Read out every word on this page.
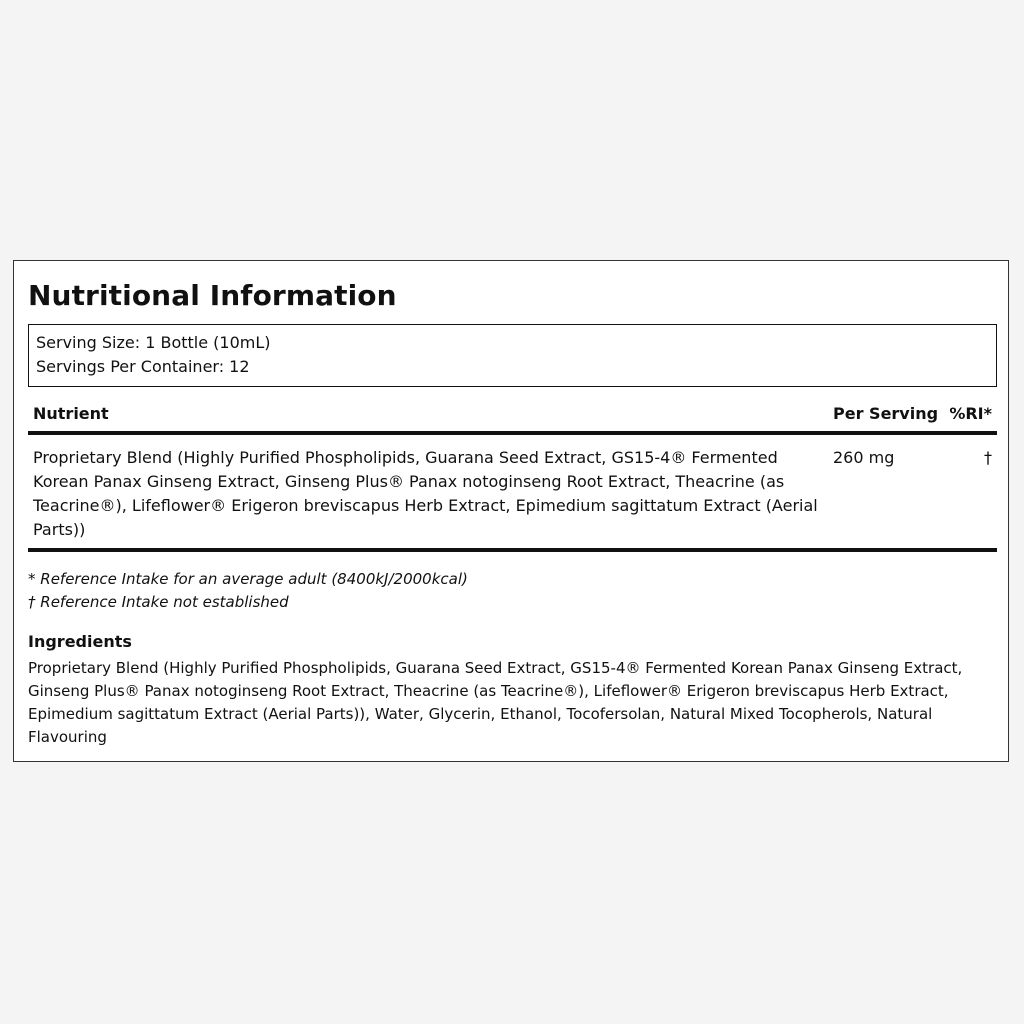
Nutritional Information
Serving Size: 1 Bottle (10mL)
Servings Per Container: 12
Nutrient	Per Serving	%RI*
Proprietary Blend (Highly Purified Phospholipids, Guarana Seed Extract, GS15-4® Fermented Korean Panax Ginseng Extract, Ginseng Plus® Panax notoginseng Root Extract, Theacrine (as Teacrine®), Lifeflower® Erigeron breviscapus Herb Extract, Epimedium sagittatum Extract (Aerial Parts))	260 mg	†
* Reference Intake for an average adult (8400kJ/2000kcal)
† Reference Intake not established
Ingredients

Proprietary Blend (Highly Purified Phospholipids, Guarana Seed Extract, GS15-4® Fermented Korean Panax Ginseng Extract, Ginseng Plus® Panax notoginseng Root Extract, Theacrine (as Teacrine®), Lifeflower® Erigeron breviscapus Herb Extract, Epimedium sagittatum Extract (Aerial Parts)), Water, Glycerin, Ethanol, Tocofersolan, Natural Mixed Tocopherols, Natural Flavouring
